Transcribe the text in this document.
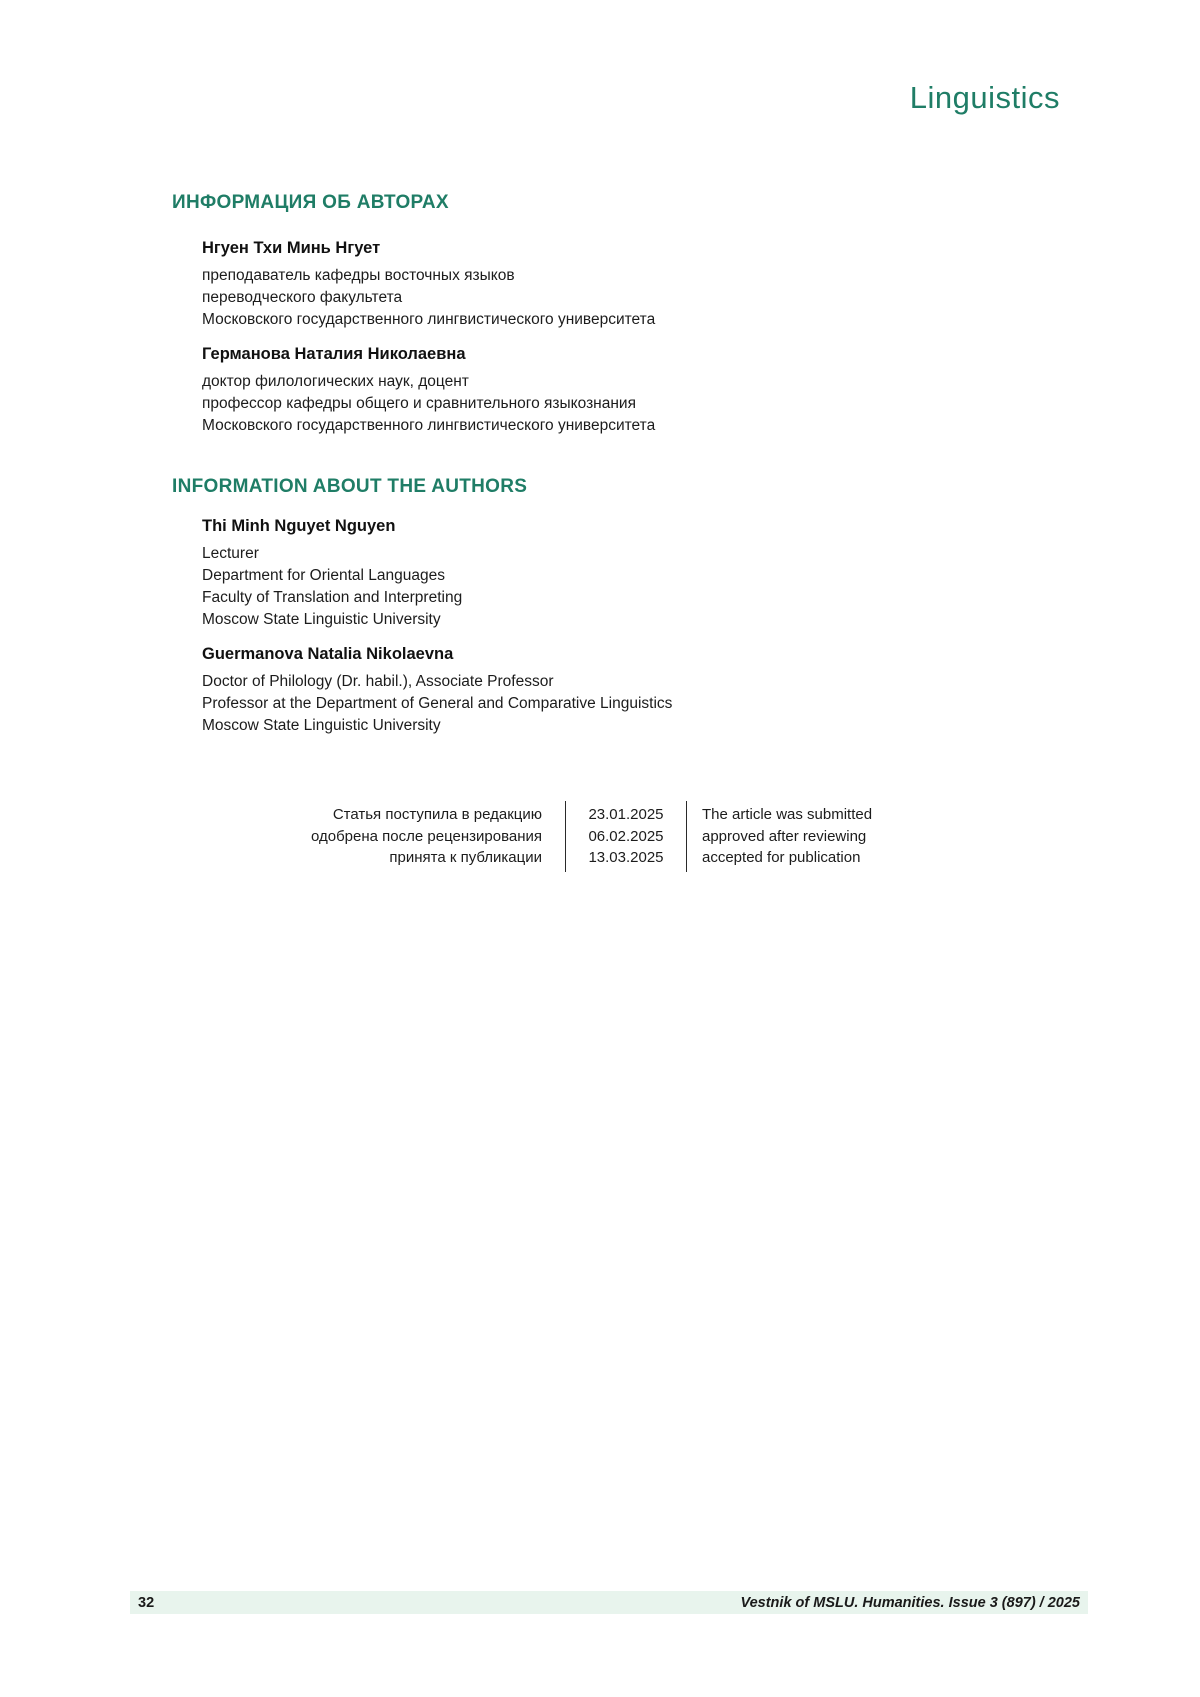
Linguistics
ИНФОРМАЦИЯ ОБ АВТОРАХ
Нгуен Тхи Минь Нгует
преподаватель кафедры восточных языков
переводческого факультета
Московского государственного лингвистического университета
Германова Наталия Николаевна
доктор филологических наук, доцент
профессор кафедры общего и сравнительного языкознания
Московского государственного лингвистического университета
INFORMATION ABOUT THE AUTHORS
Thi Minh Nguyet Nguyen
Lecturer
Department for Oriental Languages
Faculty of Translation and Interpreting
Moscow State Linguistic University
Guermanova Natalia Nikolaevna
Doctor of Philology (Dr. habil.), Associate Professor
Professor at the Department of General and Comparative Linguistics
Moscow State Linguistic University
Статья поступила в редакцию
одобрена после рецензирования
принята к публикации
23.01.2025
06.02.2025
13.03.2025
The article was submitted
approved after reviewing
accepted for publication
32	Vestnik of MSLU. Humanities. Issue 3 (897) / 2025
